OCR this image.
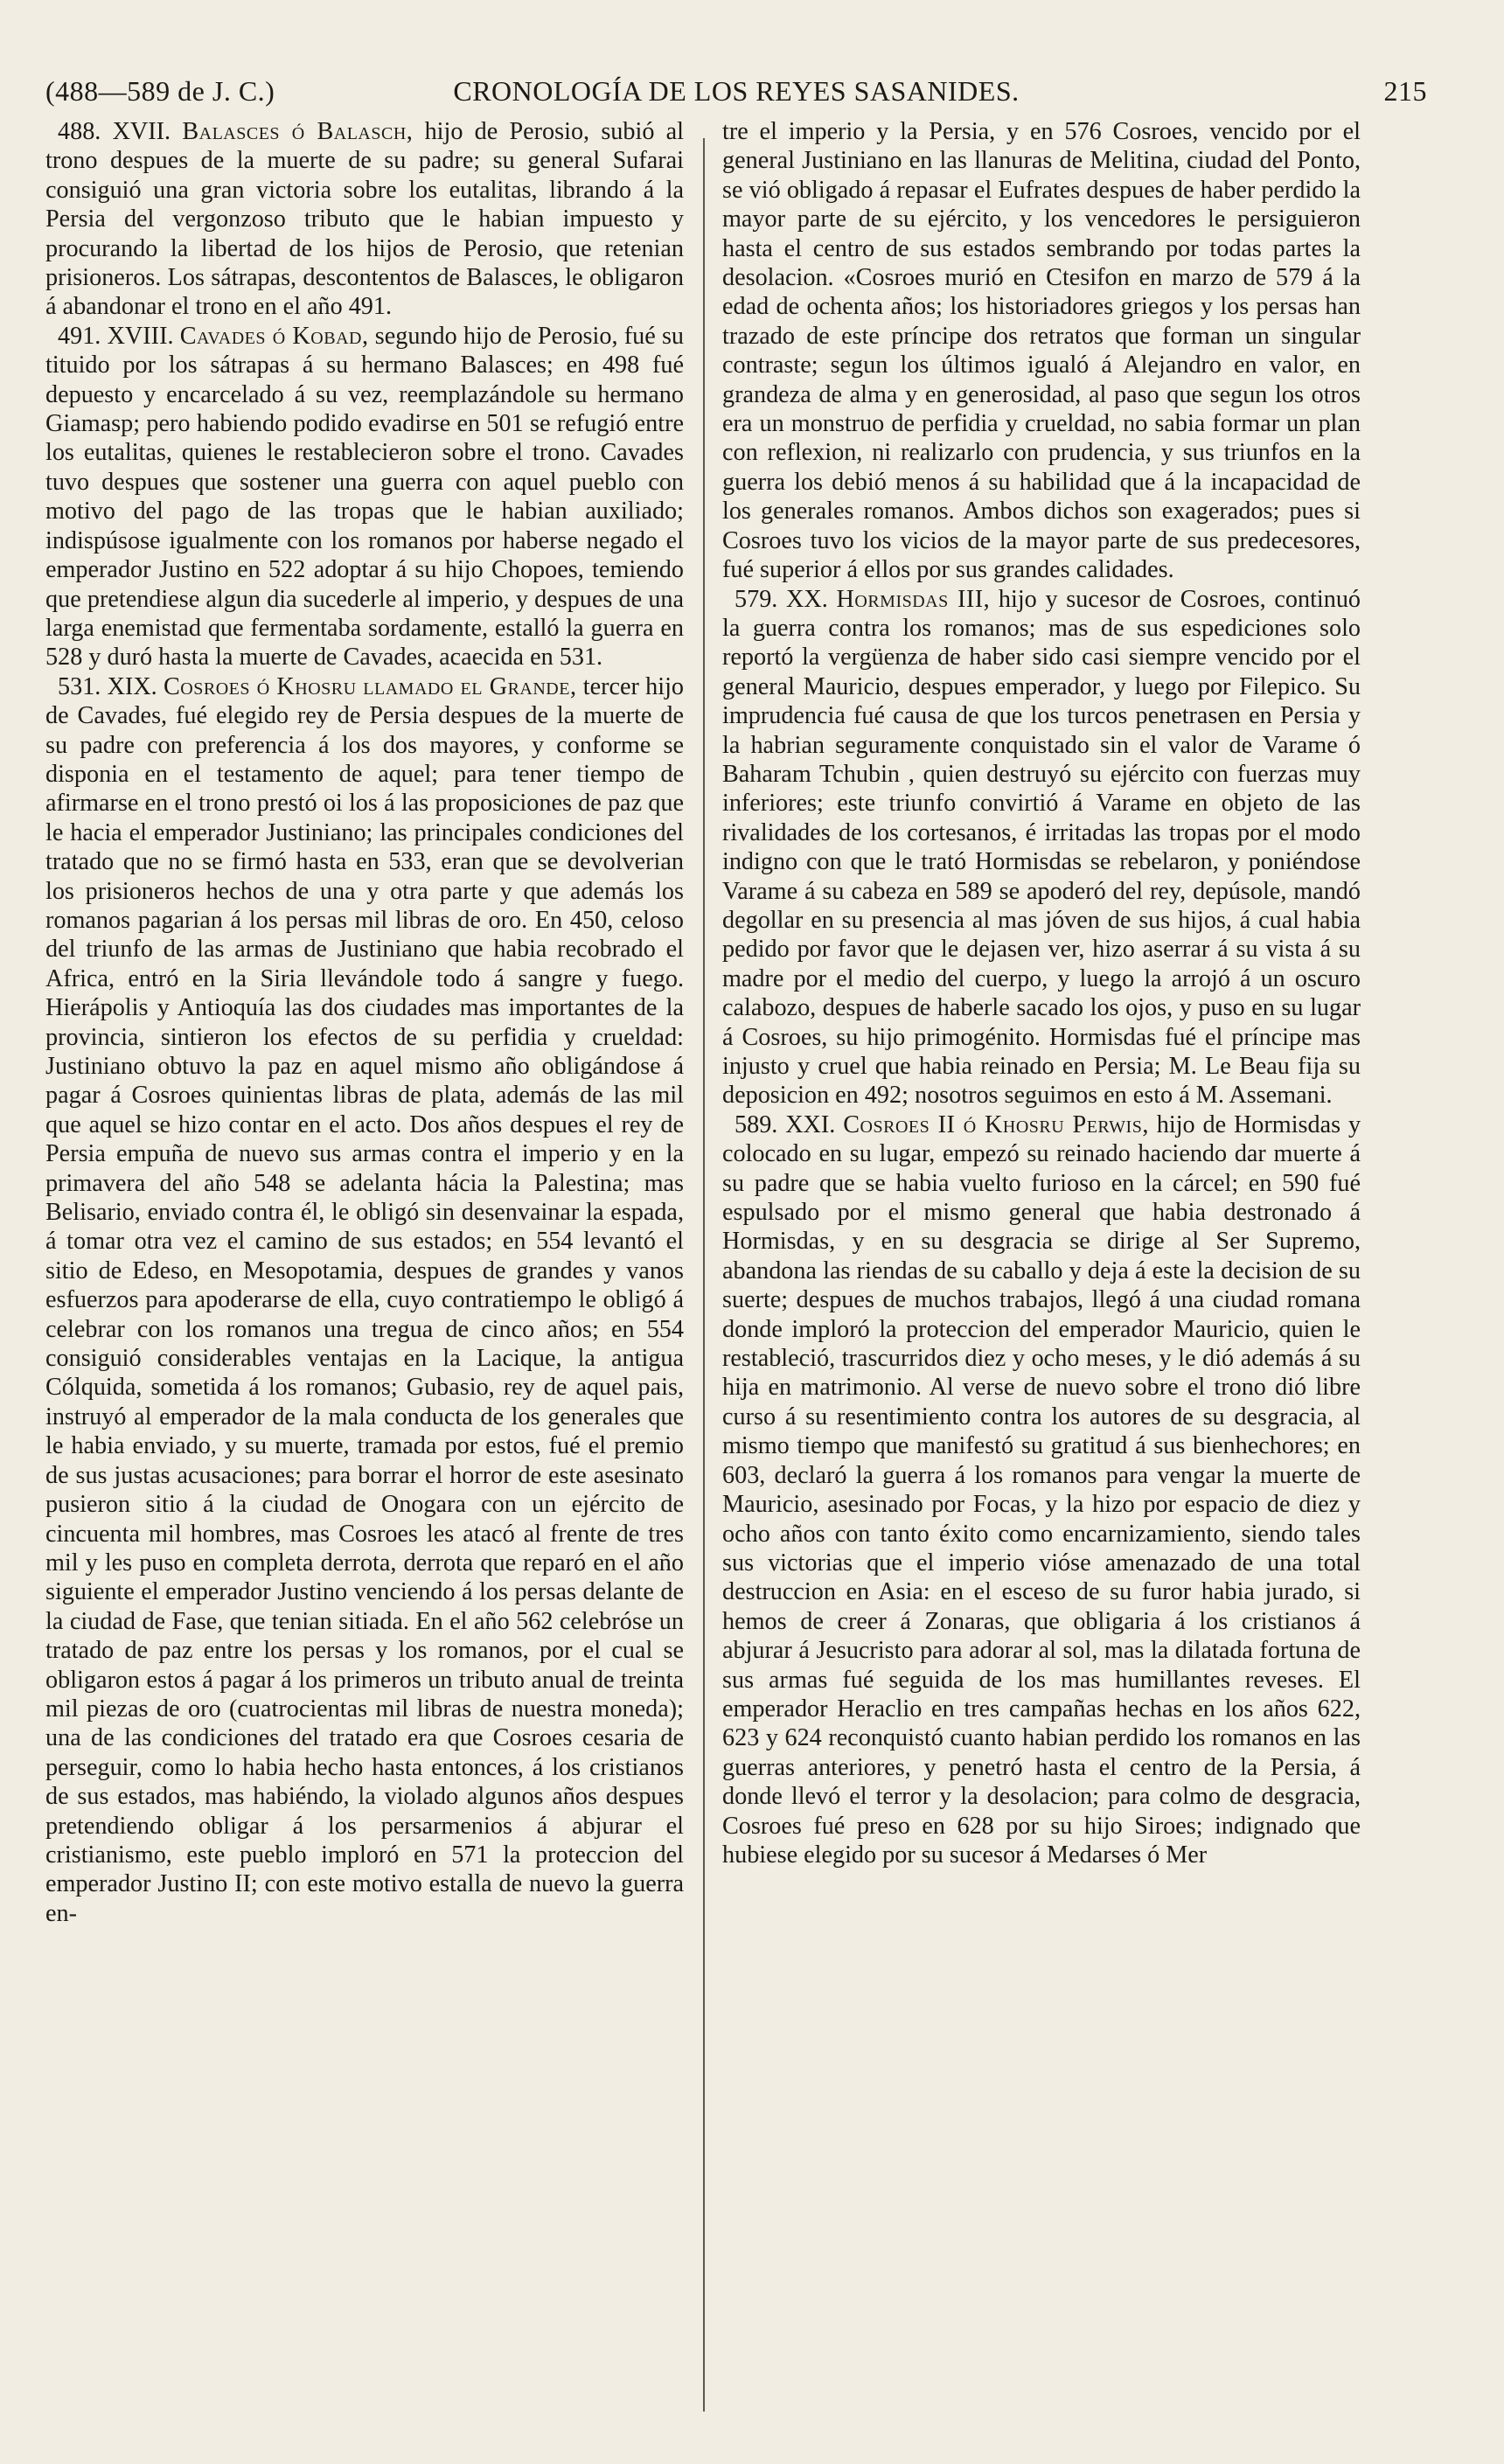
(488—589 de J. C.)	CRONOLOGÍA DE LOS REYES SASANIDES.	215

488. XVII. Balasces ó Balasch, hijo de Perosio, subió al trono despues de la muerte de su padre; su general Sufarai consiguió una gran victoria sobre los eutalitas, librando á la Persia del vergonzoso tributo que le habian impuesto y procurando la libertad de los hijos de Perosio, que retenian prisioneros. Los sátrapas, descontentos de Balasces, le obligaron á abandonar el trono en el año 491.

491. XVIII. Cavades ó Kobad, segundo hijo de Perosio, fué su tituido por los sátrapas á su hermano Balasces; en 498 fué depuesto y encarcelado á su vez, reemplazándole su hermano Giamasp; pero habiendo podido evadirse en 501 se refugió entre los eutalitas, quienes le restablecieron sobre el trono. Cavades tuvo despues que sostener una guerra con aquel pueblo con motivo del pago de las tropas que le habian auxiliado; indispúsose igualmente con los romanos por haberse negado el emperador Justino en 522 adoptar á su hijo Chopoes, temiendo que pretendiese algun dia sucederle al imperio, y despues de una larga enemistad que fermentaba sordamente, estalló la guerra en 528 y duró hasta la muerte de Cavades, acaecida en 531.

531. XIX. Cosroes ó Khosru llamado el Grande, tercer hijo de Cavades, fué elegido rey de Persia despues de la muerte de su padre con preferencia á los dos mayores, y conforme se disponia en el testamento de aquel; para tener tiempo de afirmarse en el trono prestó oi los á las proposiciones de paz que le hacia el emperador Justiniano; las principales condiciones del tratado que no se firmó hasta en 533, eran que se devolverian los prisioneros hechos de una y otra parte y que además los romanos pagarian á los persas mil libras de oro. En 450, celoso del triunfo de las armas de Justiniano que habia recobrado el Africa, entró en la Siria llevándole todo á sangre y fuego. Hierápolis y Antioquía las dos ciudades mas importantes de la provincia, sintieron los efectos de su perfidia y crueldad: Justiniano obtuvo la paz en aquel mismo año obligándose á pagar á Cosroes quinientas libras de plata, además de las mil que aquel se hizo contar en el acto. Dos años despues el rey de Persia empuña de nuevo sus armas contra el imperio y en la primavera del año 548 se adelanta hácia la Palestina; mas Belisario, enviado contra él, le obligó sin desenvainar la espada, á tomar otra vez el camino de sus estados; en 554 levantó el sitio de Edeso, en Mesopotamia, despues de grandes y vanos esfuerzos para apoderarse de ella, cuyo contratiempo le obligó á celebrar con los romanos una tregua de cinco años; en 554 consiguió considerables ventajas en la Lacique, la antigua Cólquida, sometida á los romanos; Gubasio, rey de aquel pais, instruyó al emperador de la mala conducta de los generales que le habia enviado, y su muerte, tramada por estos, fué el premio de sus justas acusaciones; para borrar el horror de este asesinato pusieron sitio á la ciudad de Onogara con un ejército de cincuenta mil hombres, mas Cosroes les atacó al frente de tres mil y les puso en completa derrota, derrota que reparó en el año siguiente el emperador Justino venciendo á los persas delante de la ciudad de Fase, que tenian sitiada. En el año 562 celebróse un tratado de paz entre los persas y los romanos, por el cual se obligaron estos á pagar á los primeros un tributo anual de treinta mil piezas de oro (cuatrocientas mil libras de nuestra moneda); una de las condiciones del tratado era que Cosroes cesaria de perseguir, como lo habia hecho hasta entonces, á los cristianos de sus estados, mas habiéndo, la violado algunos años despues pretendiendo obligar á los persarmenios á abjurar el cristianismo, este pueblo imploró en 571 la proteccion del emperador Justino II; con este motivo estalla de nuevo la guerra en-

tre el imperio y la Persia, y en 576 Cosroes, vencido por el general Justiniano en las llanuras de Melitina, ciudad del Ponto, se vió obligado á repasar el Eufrates despues de haber perdido la mayor parte de su ejército, y los vencedores le persiguieron hasta el centro de sus estados sembrando por todas partes la desolacion. «Cosroes murió en Ctesifon en marzo de 579 á la edad de ochenta años; los historiadores griegos y los persas han trazado de este príncipe dos retratos que forman un singular contraste; segun los últimos igualó á Alejandro en valor, en grandeza de alma y en generosidad, al paso que segun los otros era un monstruo de perfidia y crueldad, no sabia formar un plan con reflexion, ni realizarlo con prudencia, y sus triunfos en la guerra los debió menos á su habilidad que á la incapacidad de los generales romanos. Ambos dichos son exagerados; pues si Cosroes tuvo los vicios de la mayor parte de sus predecesores, fué superior á ellos por sus grandes calidades.

579. XX. Hormisdas III, hijo y sucesor de Cosroes, continuó la guerra contra los romanos; mas de sus espediciones solo reportó la vergüenza de haber sido casi siempre vencido por el general Mauricio, despues emperador, y luego por Filepico. Su imprudencia fué causa de que los turcos penetrasen en Persia y la habrian seguramente conquistado sin el valor de Varame ó Baharam Tchubin , quien destruyó su ejército con fuerzas muy inferiores; este triunfo convirtió á Varame en objeto de las rivalidades de los cortesanos, é irritadas las tropas por el modo indigno con que le trató Hormisdas se rebelaron, y poniéndose Varame á su cabeza en 589 se apoderó del rey, depúsole, mandó degollar en su presencia al mas jóven de sus hijos, á cual habia pedido por favor que le dejasen ver, hizo aserrar á su vista á su madre por el medio del cuerpo, y luego la arrojó á un oscuro calabozo, despues de haberle sacado los ojos, y puso en su lugar á Cosroes, su hijo primogénito. Hormisdas fué el príncipe mas injusto y cruel que habia reinado en Persia; M. Le Beau fija su deposicion en 492; nosotros seguimos en esto á M. Assemani.

589. XXI. Cosroes II ó Khosru Perwis, hijo de Hormisdas y colocado en su lugar, empezó su reinado haciendo dar muerte á su padre que se habia vuelto furioso en la cárcel; en 590 fué espulsado por el mismo general que habia destronado á Hormisdas, y en su desgracia se dirige al Ser Supremo, abandona las riendas de su caballo y deja á este la decision de su suerte; despues de muchos trabajos, llegó á una ciudad romana donde imploró la proteccion del emperador Mauricio, quien le restableció, trascurridos diez y ocho meses, y le dió además á su hija en matrimonio. Al verse de nuevo sobre el trono dió libre curso á su resentimiento contra los autores de su desgracia, al mismo tiempo que manifestó su gratitud á sus bienhechores; en 603, declaró la guerra á los romanos para vengar la muerte de Mauricio, asesinado por Focas, y la hizo por espacio de diez y ocho años con tanto éxito como encarnizamiento, siendo tales sus victorias que el imperio vióse amenazado de una total destruccion en Asia: en el esceso de su furor habia jurado, si hemos de creer á Zonaras, que obligaria á los cristianos á abjurar á Jesucristo para adorar al sol, mas la dilatada fortuna de sus armas fué seguida de los mas humillantes reveses. El emperador Heraclio en tres campañas hechas en los años 622, 623 y 624 reconquistó cuanto habian perdido los romanos en las guerras anteriores, y penetró hasta el centro de la Persia, á donde llevó el terror y la desolacion; para colmo de desgracia, Cosroes fué preso en 628 por su hijo Siroes; indignado que hubiese elegido por su sucesor á Medarses ó Mer
